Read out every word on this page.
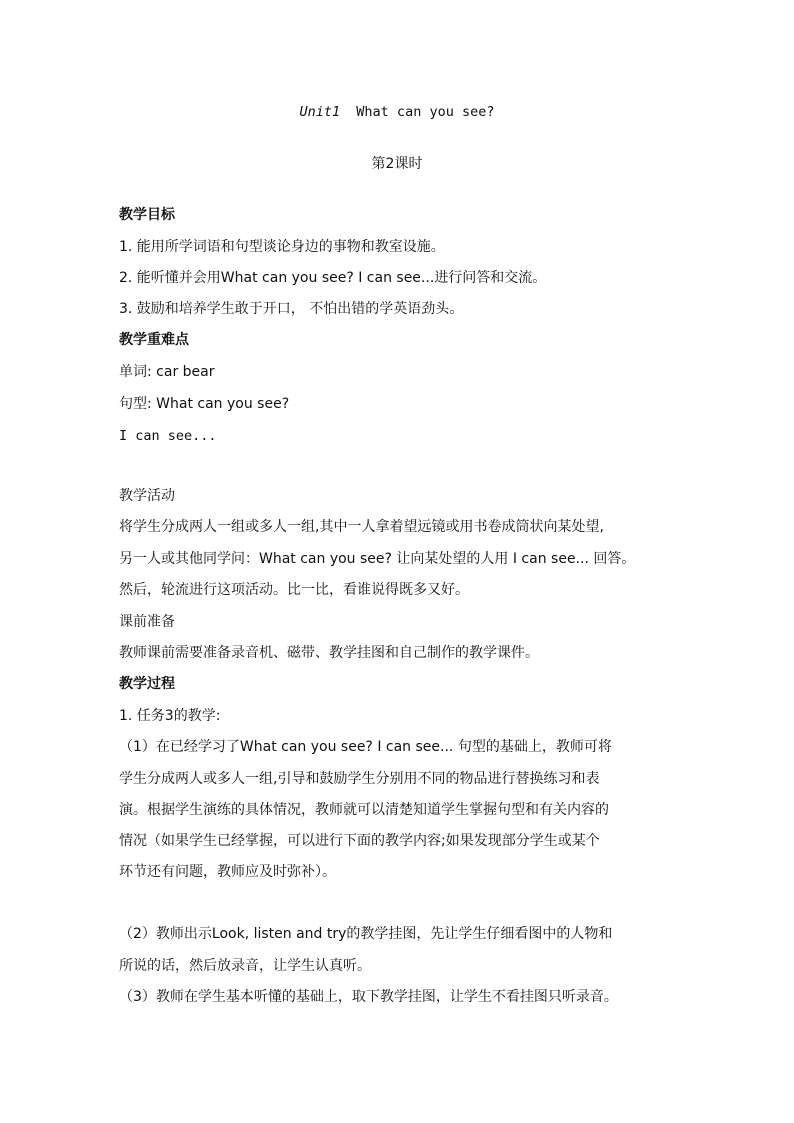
Unit1 What can you see?
第2课时
教学目标
1. 能用所学词语和句型谈论身边的事物和教室设施。
2. 能听懂并会用What can you see? I can see...进行问答和交流。
3. 鼓励和培养学生敢于开口， 不怕出错的学英语劲头。
教学重难点
单词: car bear
句型: What can you see?
I can see...
教学活动
将学生分成两人一组或多人一组,其中一人拿着望远镜或用书卷成筒状向某处望,
另一人或其他同学问：What can you see? 让向某处望的人用 I can see... 回答。
然后，轮流进行这项活动。比一比，看谁说得既多又好。
课前准备
教师课前需要准备录音机、磁带、教学挂图和自己制作的教学课件。
教学过程
1. 任务3的教学:
（1）在已经学习了What can you see? I can see... 句型的基础上，教师可将
学生分成两人或多人一组,引导和鼓励学生分别用不同的物品进行替换练习和表
演。根据学生演练的具体情况，教师就可以清楚知道学生掌握句型和有关内容的
情况（如果学生已经掌握，可以进行下面的教学内容;如果发现部分学生或某个
环节还有问题，教师应及时弥补）。
（2）教师出示Look, listen and try的教学挂图，先让学生仔细看图中的人物和
所说的话，然后放录音，让学生认真听。
（3）教师在学生基本听懂的基础上，取下教学挂图，让学生不看挂图只听录音。
